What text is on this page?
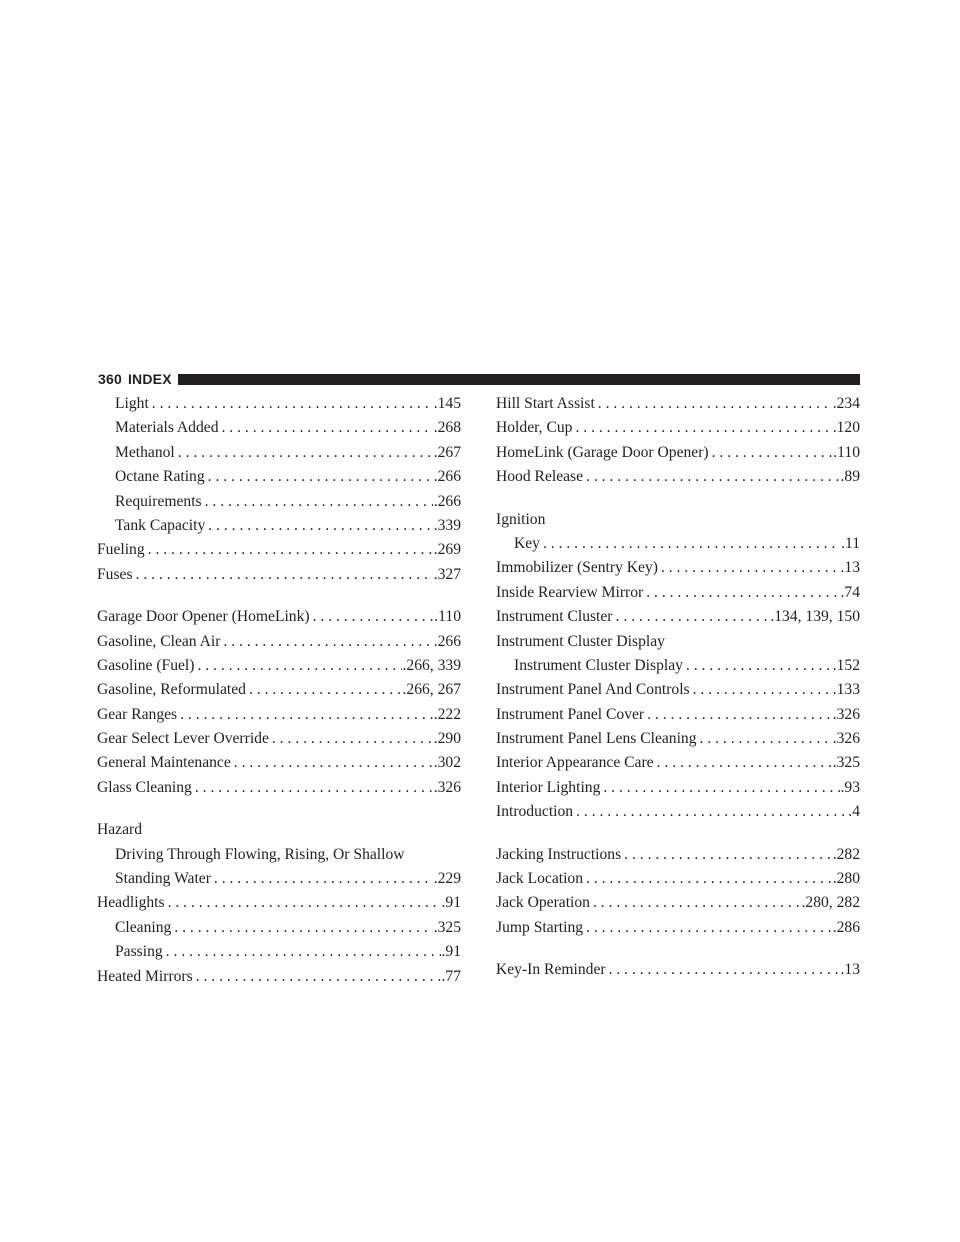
360 INDEX
Light . . .	.145
Materials Added . . .	.268
Methanol . . .	.267
Octane Rating . . .	.266
Requirements . . .	.266
Tank Capacity . . .	.339
Fueling . . .	.269
Fuses . . .	.327
Garage Door Opener (HomeLink) . . .	.110
Gasoline, Clean Air . . .	.266
Gasoline (Fuel) . . .	.266, 339
Gasoline, Reformulated . . .	.266, 267
Gear Ranges . . .	.222
Gear Select Lever Override . . .	.290
General Maintenance . . .	.302
Glass Cleaning . . .	.326
Hazard
Driving Through Flowing, Rising, Or Shallow
Standing Water . . .	.229
Headlights . . .	.91
Cleaning . . .	.325
Passing . . .	.91
Heated Mirrors . . .	.77
Hill Start Assist . . .	.234
Holder, Cup . . .	.120
HomeLink (Garage Door Opener) . . .	.110
Hood Release . . .	.89
Ignition
Key . . .	.11
Immobilizer (Sentry Key) . . .	.13
Inside Rearview Mirror . . .	.74
Instrument Cluster . . .	.134, 139, 150
Instrument Cluster Display
Instrument Cluster Display . . .	.152
Instrument Panel And Controls . . .	.133
Instrument Panel Cover . . .	.326
Instrument Panel Lens Cleaning . . .	.326
Interior Appearance Care . . .	.325
Interior Lighting . . .	.93
Introduction . . .	.4
Jacking Instructions . . .	.282
Jack Location . . .	.280
Jack Operation . . .	.280, 282
Jump Starting . . .	.286
Key-In Reminder . . .	.13
